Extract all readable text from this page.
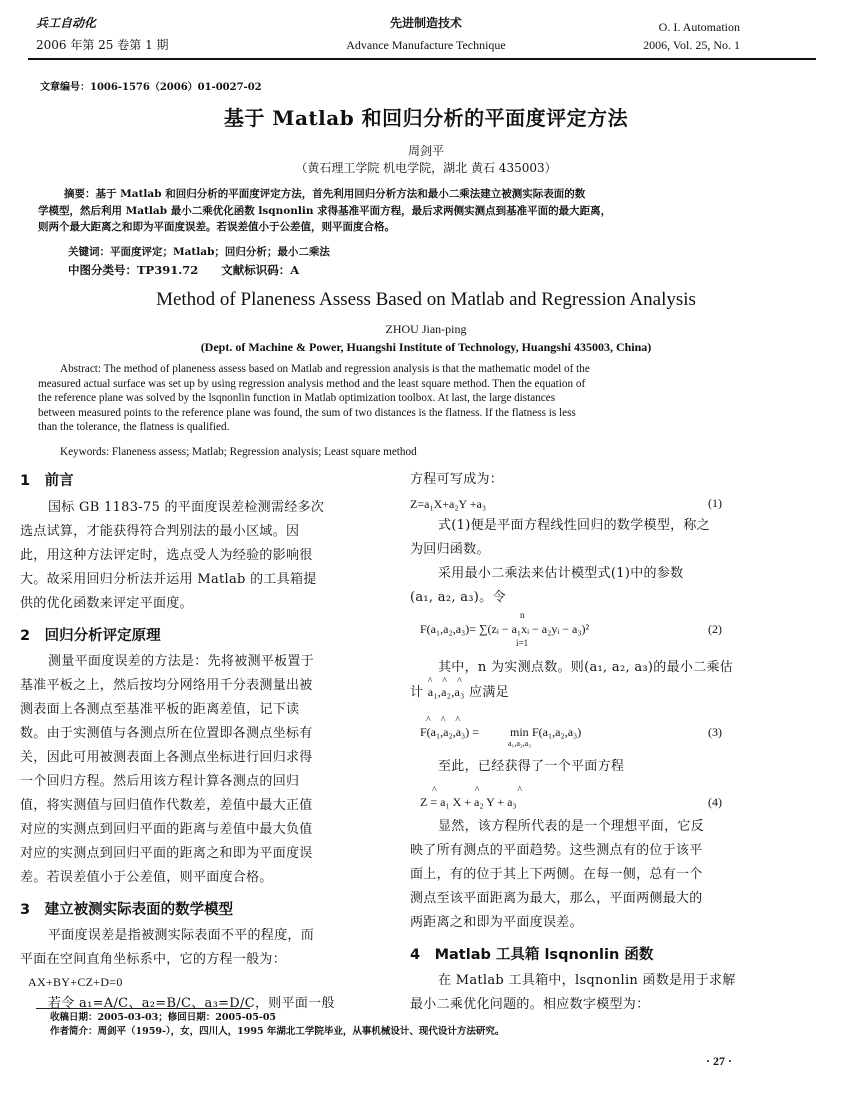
兵工自动化
2006 年第 25 卷第 1 期
先进制造技术
Advance Manufacture Technique
O. I. Automation
2006, Vol. 25, No. 1
文章编号：1006-1576（2006）01-0027-02
基于 Matlab 和回归分析的平面度评定方法
周剑平
（黄石理工学院 机电学院，湖北 黄石 435003）
摘要：基于 Matlab 和回归分析的平面度评定方法，首先利用回归分析方法和最小二乘法建立被测实际表面的数
学模型，然后利用 Matlab 最小二乘优化函数 lsqnonlin 求得基准平面方程，最后求两侧实测点到基准平面的最大距离，
则两个最大距离之和即为平面度误差。若误差值小于公差值，则平面度合格。
关键词：平面度评定；Matlab；回归分析；最小二乘法
中图分类号：TP391.72　　文献标识码：A
Method of Planeness Assess Based on Matlab and Regression Analysis
ZHOU Jian-ping
(Dept. of Machine & Power, Huangshi Institute of Technology, Huangshi 435003, China)
Abstract: The method of planeness assess based on Matlab and regression analysis is that the mathematic model of the
measured actual surface was set up by using regression analysis method and the least square method. Then the equation of
the reference plane was solved by the lsqnonlin function in Matlab optimization toolbox. At last, the large distances
between measured points to the reference plane was found, the sum of two distances is the flatness. If the flatness is less
than the tolerance, the flatness is qualified.
Keywords: Flaneness assess; Matlab; Regression analysis; Least square method
1　前言
国标 GB 1183-75 的平面度误差检测需经多次
选点试算，才能获得符合判别法的最小区域。因
此，用这种方法评定时，选点受人为经验的影响很
大。故采用回归分析法并运用 Matlab 的工具箱提
供的优化函数来评定平面度。
2　回归分析评定原理
测量平面度误差的方法是：先将被测平板置于
基准平板之上，然后按均分网络用千分表测量出被
测表面上各测点至基准平板的距离差值，记下读
数。由于实测值与各测点所在位置即各测点坐标有
关，因此可用被测表面上各测点坐标进行回归求得
一个回归方程。然后用该方程计算各测点的回归
值，将实测值与回归值作代数差，差值中最大正值
对应的实测点到回归平面的距离与差值中最大负值
对应的实测点到回归平面的距离之和即为平面度误
差。若误差值小于公差值，则平面度合格。
3　建立被测实际表面的数学模型
平面度误差是指被测实际表面不平的程度，而
平面在空间直角坐标系中，它的方程一般为：
AX+BY+CZ+D=0
若令 a₁=A/C、a₂=B/C、a₃=D/C，则平面一般
方程可写成为：
Z=a₁X+a₂Y +a₃	(1)
式(1)便是平面方程线性回归的数学模型，称之
为回归函数。
采用最小二乘法来估计模型式(1)中的参数
(a₁, a₂, a₃)。令
n
F(a₁,a₂,a₃)= ∑(zᵢ − a₁xᵢ − a₂yᵢ − a₃)²
i=1
(2)
其中，n 为实测点数。则(a₁, a₂, a₃)的最小二乘估
计
^^^
a₁,a₂,a₃ 应满足
^^^
F(a₁,a₂,a₃) =	min
a₁,a₂,a₃
F(a₁,a₂,a₃)	(3)
至此，已经获得了一个平面方程
^^^
Z = a₁ X + a₂ Y + a₃	(4)
显然，该方程所代表的是一个理想平面，它反
映了所有测点的平面趋势。这些测点有的位于该平
面上，有的位于其上下两侧。在每一侧，总有一个
测点至该平面距离为最大，那么，平面两侧最大的
两距离之和即为平面度误差。
4　Matlab 工具箱 lsqnonlin 函数
在 Matlab 工具箱中，lsqnonlin 函数是用于求解
最小二乘优化问题的。相应数字模型为：
收稿日期：2005-03-03；修回日期：2005-05-05
作者简介：周剑平（1959-），女，四川人，1995 年湖北工学院毕业，从事机械设计、现代设计方法研究。
· 27 ·
